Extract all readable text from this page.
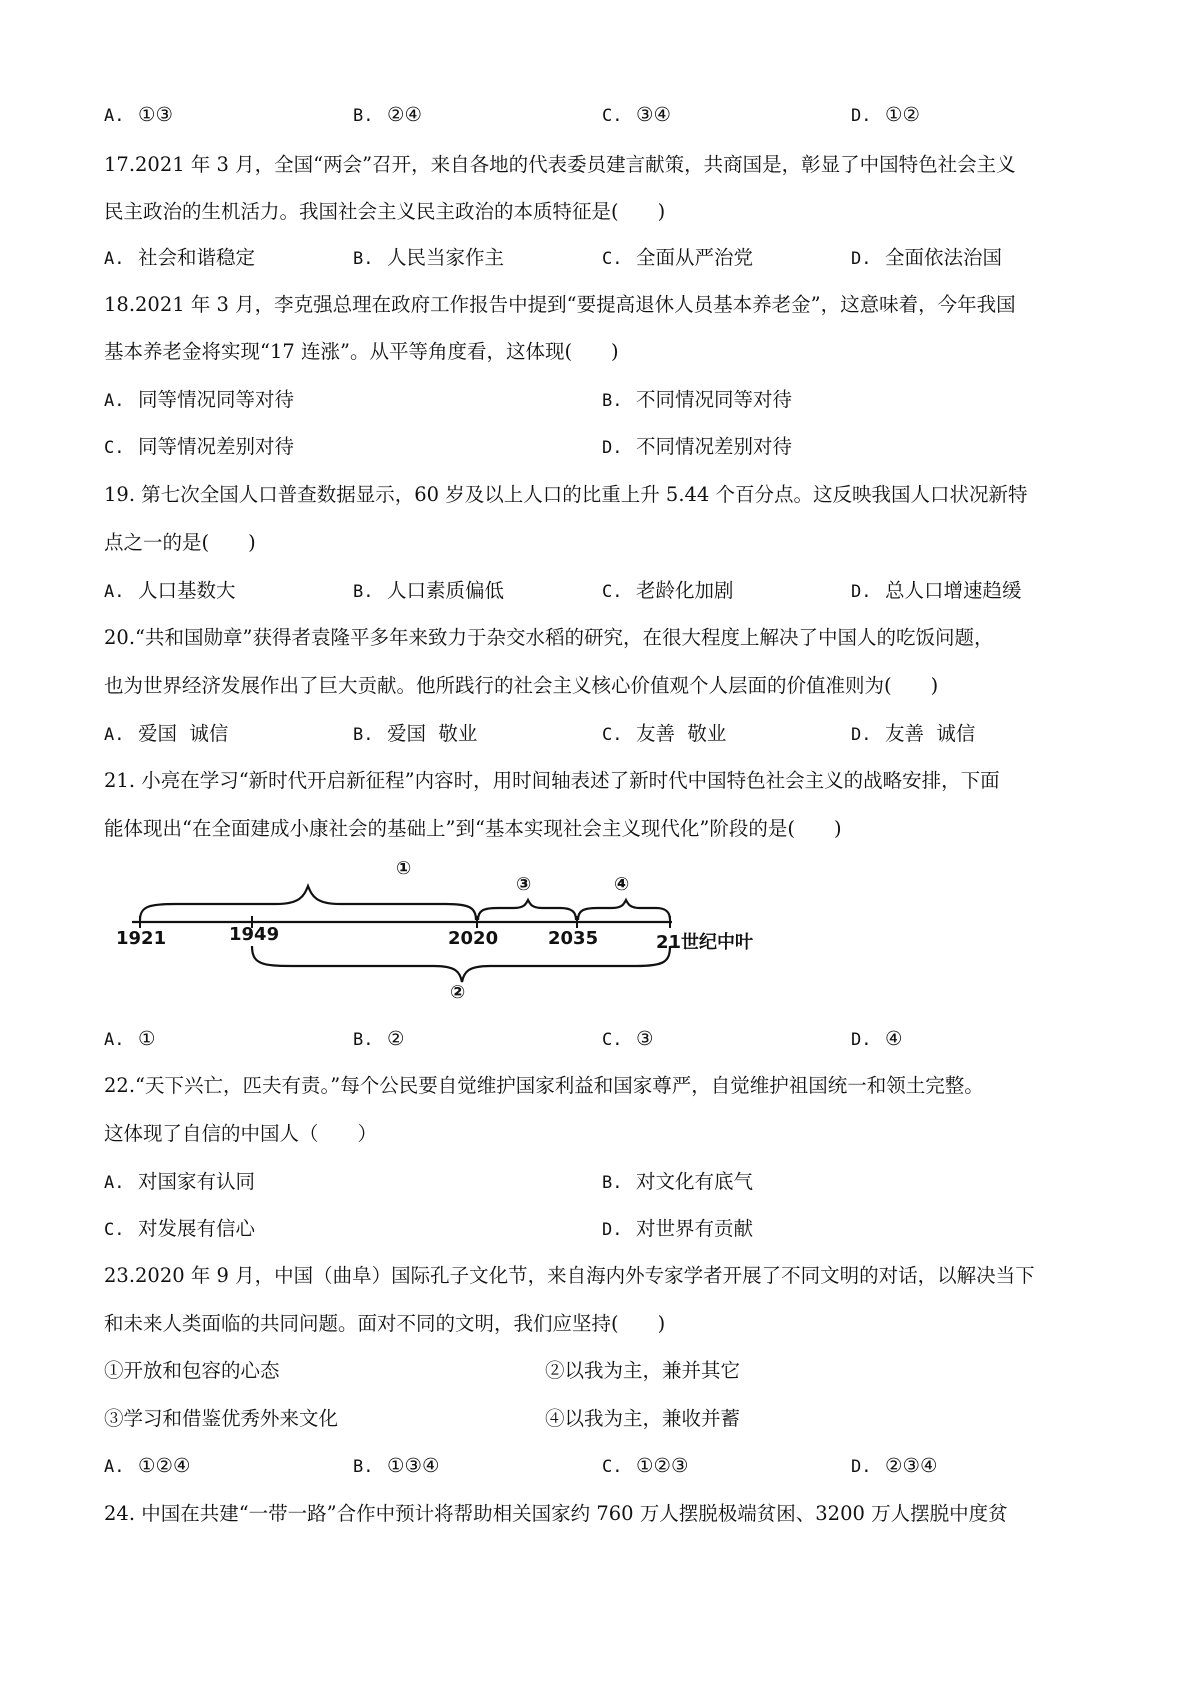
A. ①③	B. ②④	C. ③④	D. ①②
17.2021 年 3 月，全国“两会”召开，来自各地的代表委员建言献策，共商国是，彰显了中国特色社会主义
民主政治的生机活力。我国社会主义民主政治的本质特征是(　　)
A. 社会和谐稳定	B. 人民当家作主	C. 全面从严治党	D. 全面依法治国
18.2021 年 3 月，李克强总理在政府工作报告中提到“要提高退休人员基本养老金”，这意味着，今年我国
基本养老金将实现“17 连涨”。从平等角度看，这体现(　　)
A. 同等情况同等对待	B. 不同情况同等对待
C. 同等情况差别对待	D. 不同情况差别对待
19. 第七次全国人口普查数据显示，60 岁及以上人口的比重上升 5.44 个百分点。这反映我国人口状况新特
点之一的是(　　)
A. 人口基数大	B. 人口素质偏低	C. 老龄化加剧	D. 总人口增速趋缓
20.“共和国勋章”获得者袁隆平多年来致力于杂交水稻的研究，在很大程度上解决了中国人的吃饭问题，
也为世界经济发展作出了巨大贡献。他所践行的社会主义核心价值观个人层面的价值准则为(　　)
A. 爱国  诚信	B. 爱国  敬业	C. 友善  敬业	D. 友善  诚信
21. 小亮在学习“新时代开启新征程”内容时，用时间轴表述了新时代中国特色社会主义的战略安排，下面
能体现出“在全面建成小康社会的基础上”到“基本实现社会主义现代化”阶段的是(　　)
①
③	④
1921	1949	2020	2035	21世纪中叶
②
A. ①	B. ②	C. ③	D. ④
22.“天下兴亡，匹夫有责。”每个公民要自觉维护国家利益和国家尊严，自觉维护祖国统一和领土完整。
这体现了自信的中国人（　　）
A. 对国家有认同	B. 对文化有底气
C. 对发展有信心	D. 对世界有贡献
23.2020 年 9 月，中国（曲阜）国际孔子文化节，来自海内外专家学者开展了不同文明的对话，以解决当下
和未来人类面临的共同问题。面对不同的文明，我们应坚持(　　)
①开放和包容的心态	②以我为主，兼并其它
③学习和借鉴优秀外来文化	④以我为主，兼收并蓄
A. ①②④	B. ①③④	C. ①②③	D. ②③④
24. 中国在共建“一带一路”合作中预计将帮助相关国家约 760 万人摆脱极端贫困、3200 万人摆脱中度贫
